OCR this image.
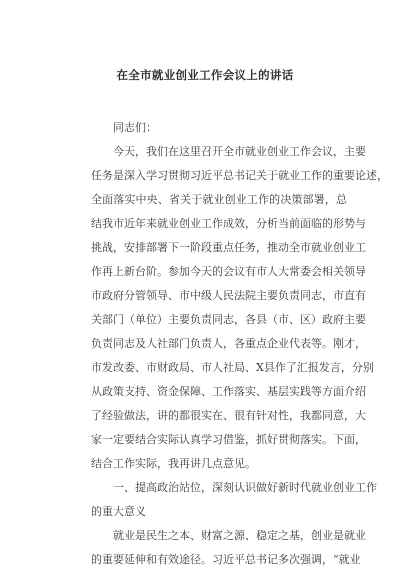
在全市就业创业工作会议上的讲话

同志们：

今天，我们在这里召开全市就业创业工作会议，主要

任务是深入学习贯彻习近平总书记关于就业工作的重要论述，

全面落实中央、省关于就业创业工作的决策部署，总

结我市近年来就业创业工作成效，分析当前面临的形势与

挑战，安排部署下一阶段重点任务，推动全市就业创业工

作再上新台阶。参加今天的会议有市人大常委会相关领导

市政府分管领导、市中级人民法院主要负责同志，市直有

关部门（单位）主要负责同志，各县（市、区）政府主要

负责同志及人社部门负责人，各重点企业代表等。刚才，

市发改委、市财政局、市人社局、X县作了汇报发言，分别

从政策支持、资金保障、工作落实、基层实践等方面介绍

了经验做法，讲的都很实在、很有针对性，我都同意，大

家一定要结合实际认真学习借鉴，抓好贯彻落实。下面，

结合工作实际，我再讲几点意见。

一、提高政治站位，深刻认识做好新时代就业创业工作

的重大意义

就业是民生之本、财富之源、稳定之基，创业是就业

的重要延伸和有效途径。习近平总书记多次强调，“就业
